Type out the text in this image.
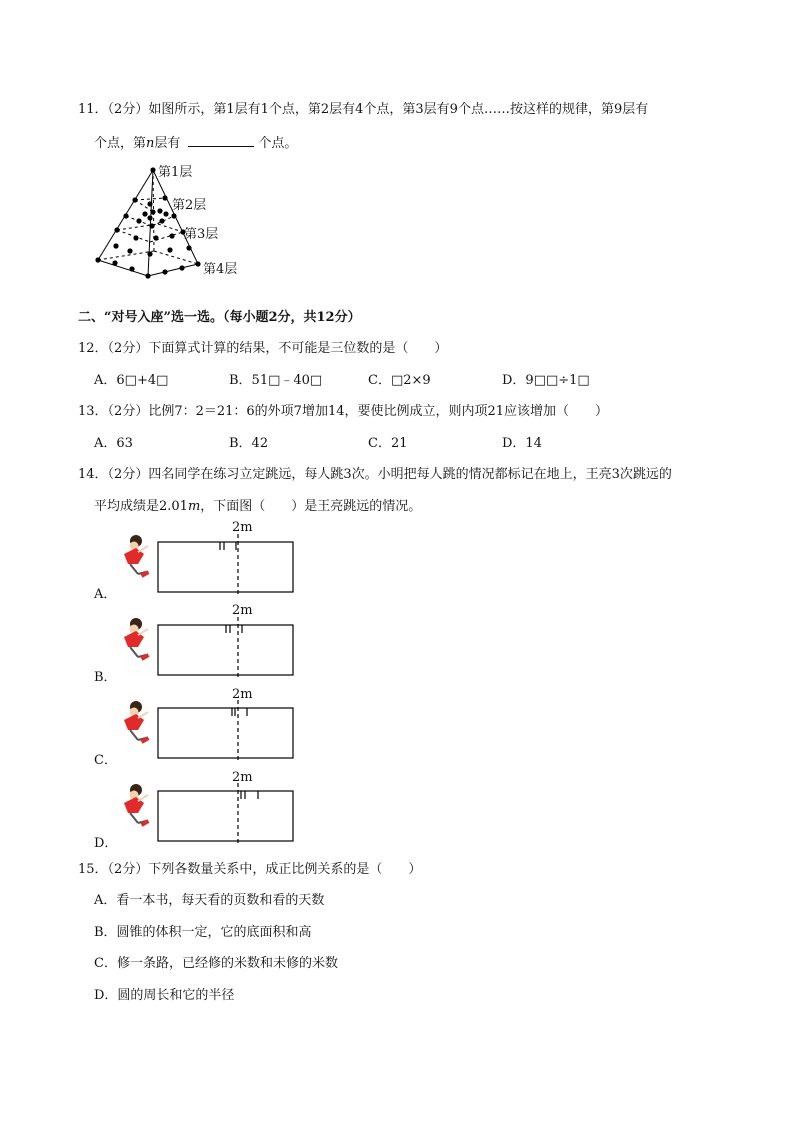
11．（2分）如图所示，第1层有1个点，第2层有4个点，第3层有9个点……按这样的规律，第9层有
个点，第n层有	个点。
第1层
第2层
第3层
第4层
二、“对号入座”选一选。（每小题2分，共12分）
12．（2分）下面算式计算的结果，不可能是三位数的是（　　）
A．6□+4□	B．51□﹣40□	C．□2×9	D．9□□÷1□
13．（2分）比例7：2＝21：6的外项7增加14，要使比例成立，则内项21应该增加（　　）
A．63	B．42	C．21	D．14
14．（2分）四名同学在练习立定跳远，每人跳3次。小明把每人跳的情况都标记在地上，王亮3次跳远的
平均成绩是2.01m，下面图（　　）是王亮跳远的情况。
2m
A．
2m
B．
2m
C．
2m
D．
15．（2分）下列各数量关系中，成正比例关系的是（　　）
A．看一本书，每天看的页数和看的天数
B．圆锥的体积一定，它的底面积和高
C．修一条路，已经修的米数和未修的米数
D．圆的周长和它的半径
